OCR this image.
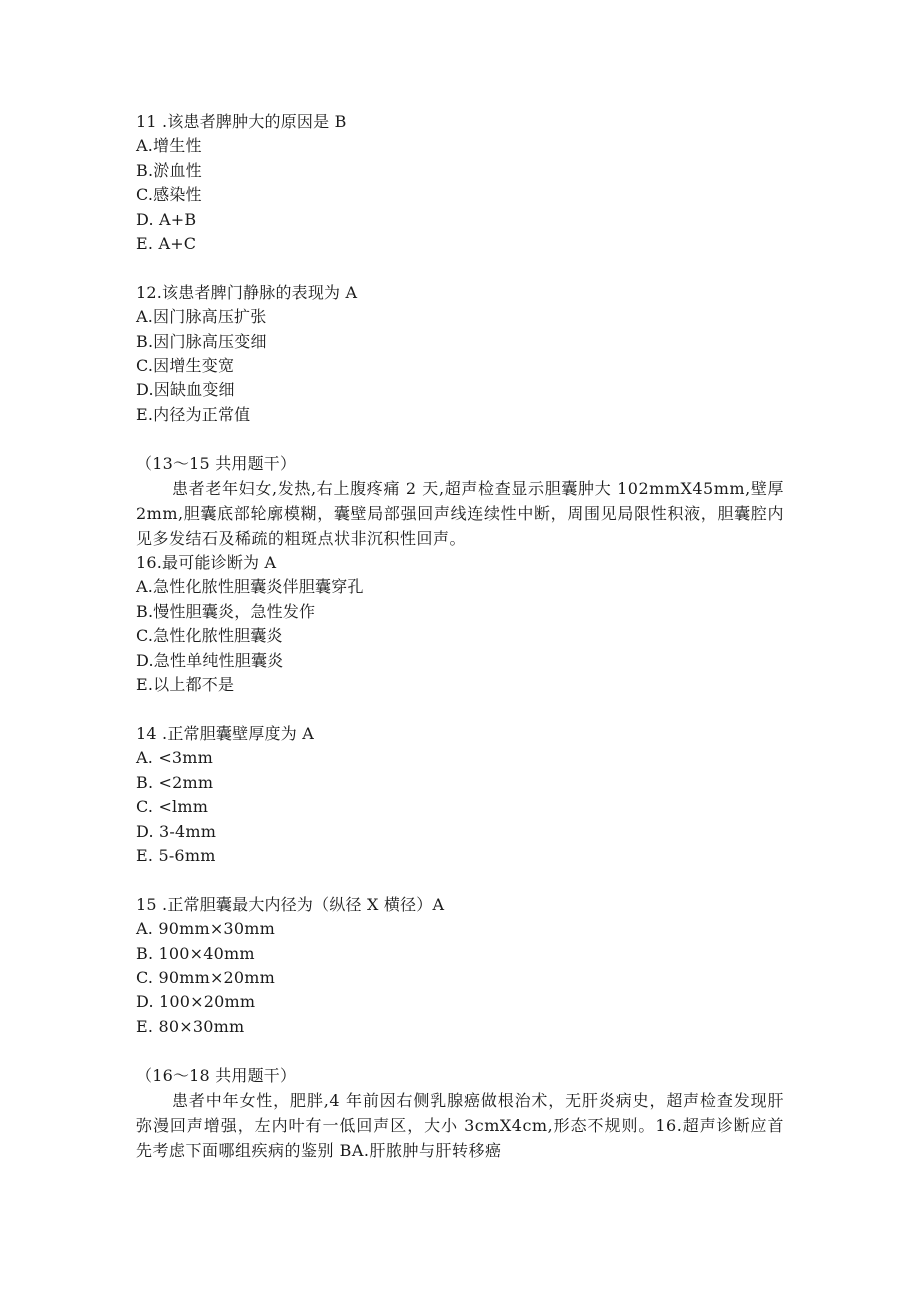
11 .该患者脾肿大的原因是 B
A.增生性
B.淤血性
C.感染性
D. A+B
E. A+C
12.该患者脾门静脉的表现为 A
A.因门脉高压扩张
B.因门脉高压变细
C.因增生变宽
D.因缺血变细
E.内径为正常值
（13～15 共用题干）
患者老年妇女,发热,右上腹疼痛 2 天,超声检查显示胆囊肿大 102mmX45mm,壁厚 2mm,胆囊底部轮廓模糊，囊壁局部强回声线连续性中断，周围见局限性积液，胆囊腔内见多发结石及稀疏的粗斑点状非沉积性回声。
16.最可能诊断为 A
A.急性化脓性胆囊炎伴胆囊穿孔
B.慢性胆囊炎，急性发作
C.急性化脓性胆囊炎
D.急性单纯性胆囊炎
E.以上都不是
14 .正常胆囊壁厚度为 A
A. <3mm
B. <2mm
C. <lmm
D. 3-4mm
E. 5-6mm
15 .正常胆囊最大内径为（纵径 X 横径）A
A. 90mm×30mm
B. 100×40mm
C. 90mm×20mm
D. 100×20mm
E. 80×30mm
（16～18 共用题干）
患者中年女性，肥胖,4 年前因右侧乳腺癌做根治术，无肝炎病史，超声检查发现肝弥漫回声增强，左内叶有一低回声区，大小 3cmX4cm,形态不规则。16.超声诊断应首先考虑下面哪组疾病的鉴别 BA.肝脓肿与肝转移癌
